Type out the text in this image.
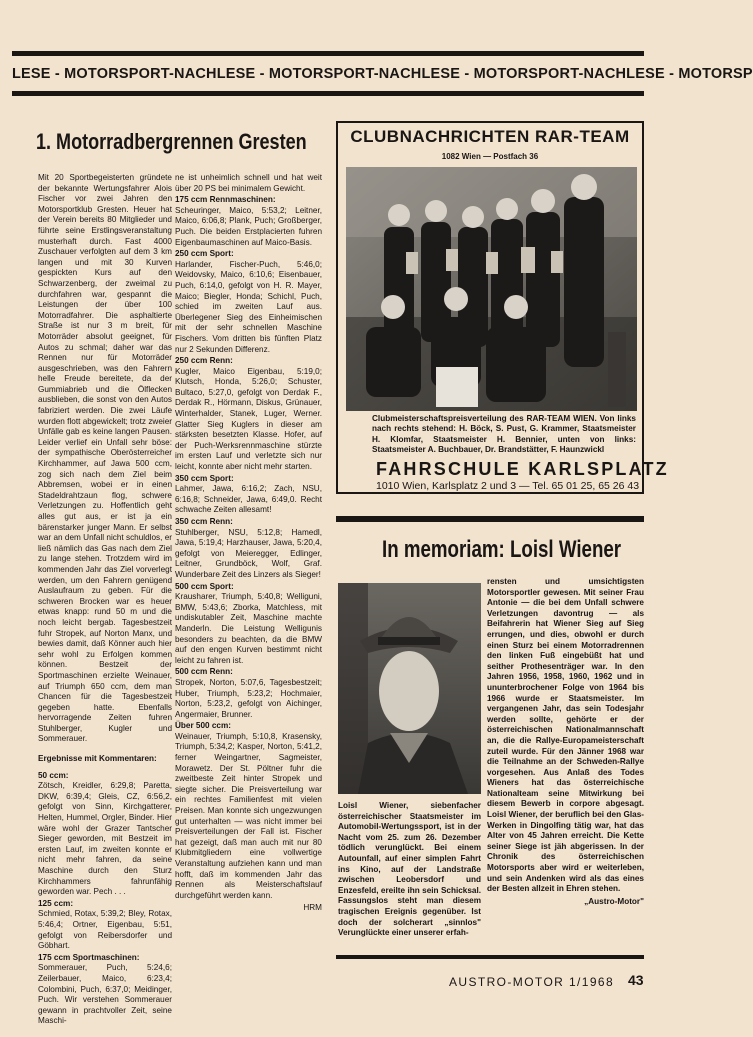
LESE - MOTORSPORT-NACHLESE - MOTORSPORT-NACHLESE - MOTORSPORT-NACHLESE - MOTORSP
1. Motorradbergrennen Gresten

Mit 20 Sportbegeisterten gründete der bekannte Wertungsfahrer Alois Fischer vor zwei Jahren den Motorsportklub Gresten. Heuer hat der Verein bereits 80 Mitglieder und führte seine Erstlingsveranstaltung musterhaft durch. Fast 4000 Zuschauer verfolgten auf dem 3 km langen und mit 30 Kurven gespickten Kurs auf den Schwarzenberg, der zweimal zu durchfahren war, gespannt die Leistungen der über 100 Motorradfahrer. Die asphaltierte Straße ist nur 3 m breit, für Motorräder absolut geeignet, für Autos zu schmal; daher war das Rennen nur für Motorräder ausgeschrieben, was den Fahrern helle Freude bereitete, da der Gummiabrieb und die Ölflecken ausblieben, die sonst von den Autos fabriziert werden. Die zwei Läufe wurden flott abgewickelt; trotz zweier Unfälle gab es keine langen Pausen. Leider verlief ein Unfall sehr böse: der sympathische Oberösterreicher Kirchhammer, auf Jawa 500 ccm, zog sich nach dem Ziel beim Abbremsen, wobei er in einen Stadeldrahtzaun flog, schwere Verletzungen zu. Hoffentlich geht alles gut aus, er ist ja ein bärenstarker junger Mann. Er selbst war an dem Unfall nicht schuldlos, er ließ nämlich das Gas nach dem Ziel zu lange stehen. Trotzdem wird im kommenden Jahr das Ziel vorverlegt werden, um den Fahrern genügend Auslaufraum zu geben. Für die schweren Brocken war es heuer etwas knapp: rund 50 m und die noch leicht bergab. Tagesbestzeit fuhr Stropek, auf Norton Manx, und bewies damit, daß Könner auch hier sehr wohl zu Erfolgen kommen können. Bestzeit der Sportmaschinen erzielte Weinauer, auf Triumph 650 ccm, dem man Chancen für die Tagesbestzeit gegeben hatte. Ebenfalls hervorragende Zeiten fuhren Stuhlberger, Kugler und Sommerauer.

Ergebnisse mit Kommentaren:

50 ccm:

Zötsch, Kreidler, 6:29,8; Paretta, DKW, 6:39,4; Gleis, CZ, 6:56,2, gefolgt von Sinn, Kirchgatterer, Helten, Hummel, Orgler, Binder. Hier wäre wohl der Grazer Tantscher Sieger geworden, mit Bestzeit im ersten Lauf, im zweiten konnte er nicht mehr fahren, da seine Maschine durch den Sturz Kirchhammers fahrunfähig geworden war. Pech . . .

125 ccm:

Schmied, Rotax, 5:39,2; Bley, Rotax, 5:46,4; Ortner, Eigenbau, 5:51, gefolgt von Reibersdorfer und Göbhart.

175 ccm Sportmaschinen:

Sommerauer, Puch, 5:24,6; Zeilerbauer, Maico, 6:23,4; Colombini, Puch, 6:37,0; Meidinger, Puch. Wir verstehen Sommerauer gewann in prachtvoller Zeit, seine Maschi-

ne ist unheimlich schnell und hat weit über 20 PS bei minimalem Gewicht.

175 ccm Rennmaschinen:

Scheuringer, Maico, 5:53,2; Leitner, Maico, 6:06,8; Plank, Puch; Großberger, Puch. Die beiden Erstplacierten fuhren Eigenbaumaschinen auf Maico-Basis.

250 ccm Sport:

Harlander, Fischer-Puch, 5:46,0; Weidovsky, Maico, 6:10,6; Eisenbauer, Puch, 6:14,0, gefolgt von H. R. Mayer, Maico; Biegler, Honda; Schichl, Puch, schied im zweiten Lauf aus. Überlegener Sieg des Einheimischen mit der sehr schnellen Maschine Fischers. Vom dritten bis fünften Platz nur 2 Sekunden Differenz.

250 ccm Renn:

Kugler, Maico Eigenbau, 5:19,0; Klutsch, Honda, 5:26,0; Schuster, Bultaco, 5:27,0, gefolgt von Derdak F., Derdak R., Hörmann, Diskus, Grünauer, Winterhalder, Stanek, Luger, Werner. Glatter Sieg Kuglers in dieser am stärksten besetzten Klasse. Hofer, auf der Puch-Werksrennmaschine stürzte im ersten Lauf und verletzte sich nur leicht, konnte aber nicht mehr starten.

350 ccm Sport:

Lahmer, Jawa, 6:16,2; Zach, NSU, 6:16,8; Schneider, Jawa, 6:49,0. Recht schwache Zeiten allesamt!

350 ccm Renn:

Stuhlberger, NSU, 5:12,8; Hamedl, Jawa, 5:19,4; Harzhauser, Jawa, 5:20,4, gefolgt von Meieregger, Edlinger, Leitner, Grundböck, Wolf, Graf. Wunderbare Zeit des Linzers als Sieger!

500 ccm Sport:

Krausharer, Triumph, 5:40,8; Welliguni, BMW, 5:43,6; Zborka, Matchless, mit undiskutabler Zeit, Maschine machte Manderln. Die Leistung Welligunis besonders zu beachten, da die BMW auf den engen Kurven bestimmt nicht leicht zu fahren ist.

500 ccm Renn:

Stropek, Norton, 5:07,6, Tagesbestzeit; Huber, Triumph, 5:23,2; Hochmaier, Norton, 5:23,2, gefolgt von Aichinger, Angermaier, Brunner.

Über 500 ccm:

Weinauer, Triumph, 5:10,8, Krasensky, Triumph, 5:34,2; Kasper, Norton, 5:41,2, ferner Weingartner, Sagmeister, Morawetz. Der St. Pöltner fuhr die zweitbeste Zeit hinter Stropek und siegte sicher. Die Preisverteilung war ein rechtes Familienfest mit vielen Preisen. Man konnte sich ungezwungen gut unterhalten — was nicht immer bei Preisverteilungen der Fall ist. Fischer hat gezeigt, daß man auch mit nur 80 Klubmitgliedern eine vollwertige Veranstaltung aufziehen kann und man hofft, daß im kommenden Jahr das Rennen als Meisterschaftslauf durchgeführt werden kann.

HRM

CLUBNACHRICHTEN RAR-TEAM
1082 Wien — Postfach 36
Clubmeisterschaftspreisverteilung des RAR-TEAM WIEN. Von links nach rechts stehend: H. Böck, S. Pust, G. Krammer, Staatsmeister H. Klomfar, Staatsmeister H. Bennier, unten von links: Staatsmeister A. Buchbauer, Dr. Brandstätter, F. Haunzwickl
FAHRSCHULE KARLSPLATZ
1010 Wien, Karlsplatz 2 und 3 — Tel. 65 01 25, 65 26 43
In memoriam: Loisl Wiener
Loisl Wiener, siebenfacher österreichischer Staatsmeister im Automobil-Wertungssport, ist in der Nacht vom 25. zum 26. Dezember tödlich verunglückt. Bei einem Autounfall, auf einer simplen Fahrt ins Kino, auf der Landstraße zwischen Leobersdorf und Enzesfeld, ereilte ihn sein Schicksal. Fassungslos steht man diesem tragischen Ereignis gegenüber. Ist doch der solcherart „sinnlos" Verunglückte einer unserer erfah-

rensten und umsichtigsten Motorsportler gewesen. Mit seiner Frau Antonie — die bei dem Unfall schwere Verletzungen davontrug — als Beifahrerin hat Wiener Sieg auf Sieg errungen, und dies, obwohl er durch einen Sturz bei einem Motorradrennen den linken Fuß eingebüßt hat und seither Prothesenträger war. In den Jahren 1956, 1958, 1960, 1962 und in ununterbrochener Folge von 1964 bis 1966 wurde er Staatsmeister. Im vergangenen Jahr, das sein Todesjahr werden sollte, gehörte er der österreichischen Nationalmannschaft an, die die Rallye-Europameisterschaft zuteil wurde. Für den Jänner 1968 war die Teilnahme an der Schweden-Rallye vorgesehen. Aus Anlaß des Todes Wieners hat das österreichische Nationalteam seine Mitwirkung bei diesem Bewerb in corpore abgesagt. Loisl Wiener, der beruflich bei den Glas-Werken in Dingolfing tätig war, hat das Alter von 45 Jahren erreicht. Die Kette seiner Siege ist jäh abgerissen. In der Chronik des österreichischen Motorsports aber wird er weiterleben, und sein Andenken wird als das eines der Besten allzeit in Ehren stehen.

„Austro-Motor"

AUSTRO-MOTOR 1/1968 43
